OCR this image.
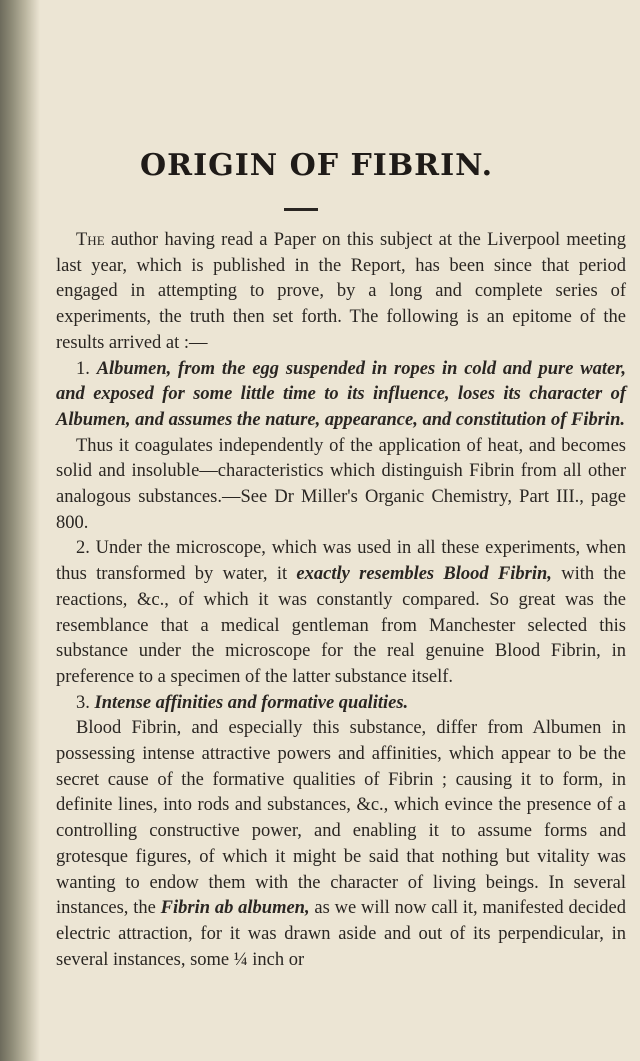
ORIGIN OF FIBRIN.

The author having read a Paper on this subject at the Liverpool meeting last year, which is published in the Report, has been since that period engaged in attempting to prove, by a long and complete series of experiments, the truth then set forth. The following is an epitome of the results arrived at :—

1. Albumen, from the egg suspended in ropes in cold and pure water, and exposed for some little time to its influence, loses its character of Albumen, and assumes the nature, appearance, and constitution of Fibrin.

Thus it coagulates independently of the application of heat, and becomes solid and insoluble—characteristics which distinguish Fibrin from all other analogous substances.—See Dr Miller's Organic Chemistry, Part III., page 800.

2. Under the microscope, which was used in all these experiments, when thus transformed by water, it exactly resembles Blood Fibrin, with the reactions, &c., of which it was constantly compared. So great was the resemblance that a medical gentleman from Manchester selected this substance under the microscope for the real genuine Blood Fibrin, in preference to a specimen of the latter substance itself.

3. Intense affinities and formative qualities.

Blood Fibrin, and especially this substance, differ from Albumen in possessing intense attractive powers and affinities, which appear to be the secret cause of the formative qualities of Fibrin ; causing it to form, in definite lines, into rods and substances, &c., which evince the presence of a controlling constructive power, and enabling it to assume forms and grotesque figures, of which it might be said that nothing but vitality was wanting to endow them with the character of living beings. In several instances, the Fibrin ab albumen, as we will now call it, manifested decided electric attraction, for it was drawn aside and out of its perpendicular, in several instances, some ¼ inch or
